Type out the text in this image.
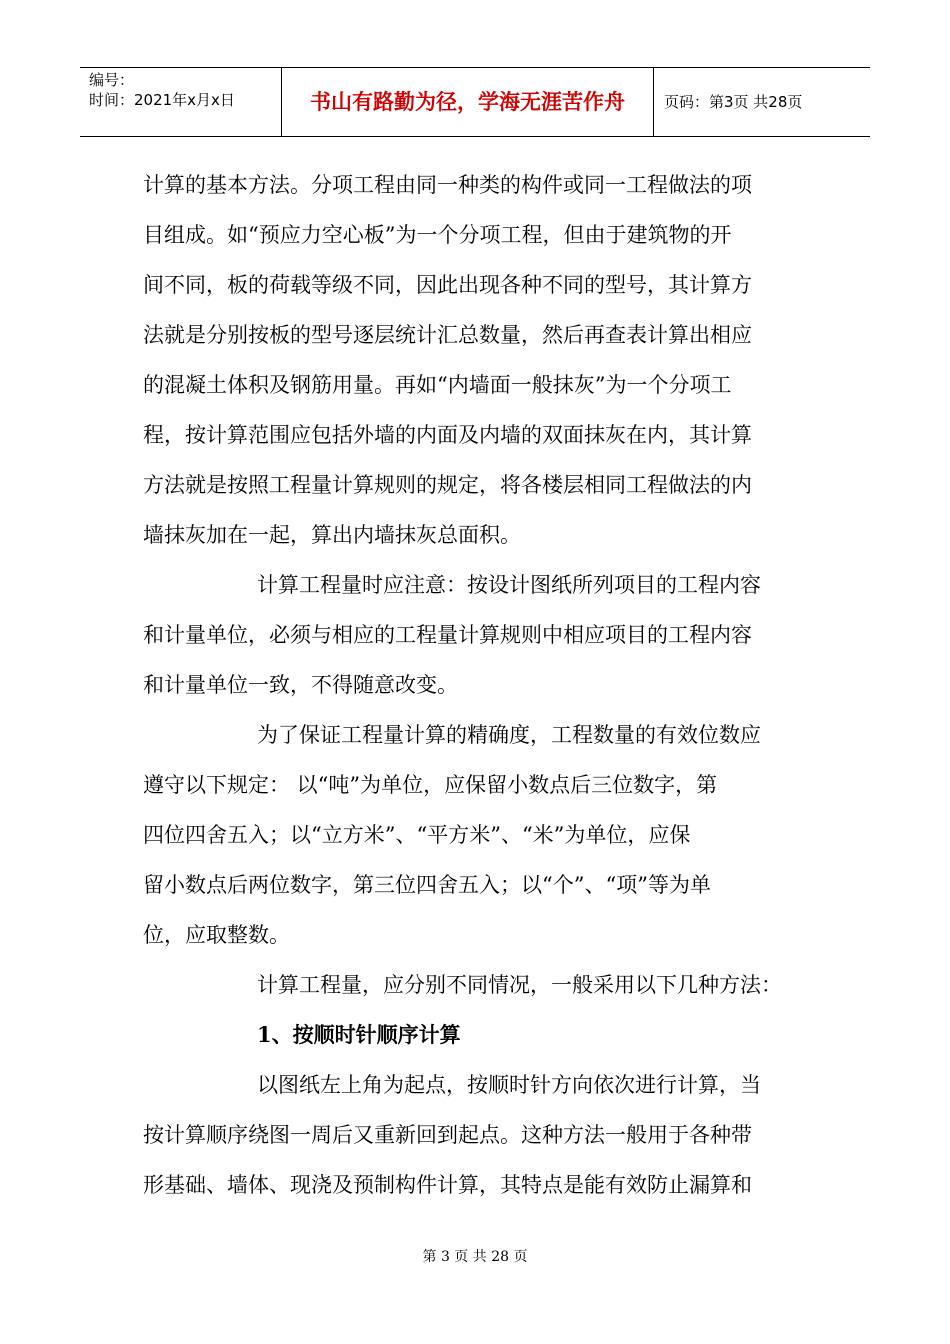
编号：
时间：2021年x月x日	书山有路勤为径，学海无涯苦作舟	页码：第3页 共28页
计算的基本方法。分项工程由同一种类的构件或同一工程做法的项
目组成。如“预应力空心板”为一个分项工程，但由于建筑物的开
间不同，板的荷载等级不同，因此出现各种不同的型号，其计算方
法就是分别按板的型号逐层统计汇总数量，然后再查表计算出相应
的混凝土体积及钢筋用量。再如“内墙面一般抹灰”为一个分项工
程，按计算范围应包括外墙的内面及内墙的双面抹灰在内，其计算
方法就是按照工程量计算规则的规定，将各楼层相同工程做法的内
墙抹灰加在一起，算出内墙抹灰总面积。
计算工程量时应注意：按设计图纸所列项目的工程内容
和计量单位，必须与相应的工程量计算规则中相应项目的工程内容
和计量单位一致，不得随意改变。
为了保证工程量计算的精确度，工程数量的有效位数应
遵守以下规定： 以“吨”为单位，应保留小数点后三位数字，第
四位四舍五入；以“立方米”、“平方米”、“米”为单位，应保
留小数点后两位数字，第三位四舍五入；以“个”、“项”等为单
位，应取整数。
计算工程量，应分别不同情况，一般采用以下几种方法：
1、按顺时针顺序计算
以图纸左上角为起点，按顺时针方向依次进行计算，当
按计算顺序绕图一周后又重新回到起点。这种方法一般用于各种带
形基础、墙体、现浇及预制构件计算，其特点是能有效防止漏算和
第 3 页 共 28 页
